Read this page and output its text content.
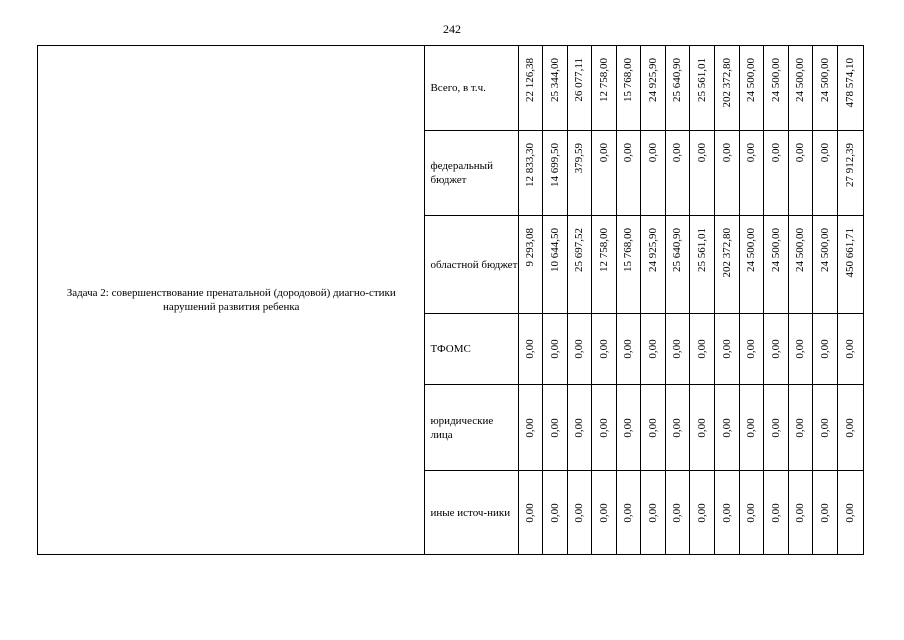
242
Задача 2: совершенствование пренатальной (дородовой) диагно-стики нарушений развития ребенка	Всего, в т.ч.	22 126,38	25 344,00	26 077,11	12 758,00	15 768,00	24 925,90	25 640,90	25 561,01	202 372,80	24 500,00	24 500,00	24 500,00	24 500,00	478 574,10

	федеральный бюджет	12 833,30	14 699,50	379,59	0,00	0,00	0,00	0,00	0,00	0,00	0,00	0,00	0,00	0,00	27 912,39

	областной бюджет	9 293,08	10 644,50	25 697,52	12 758,00	15 768,00	24 925,90	25 640,90	25 561,01	202 372,80	24 500,00	24 500,00	24 500,00	24 500,00	450 661,71

	ТФОМС	0,00	0,00	0,00	0,00	0,00	0,00	0,00	0,00	0,00	0,00	0,00	0,00	0,00	0,00

	юридические лица	0,00	0,00	0,00	0,00	0,00	0,00	0,00	0,00	0,00	0,00	0,00	0,00	0,00	0,00

	иные источ-ники	0,00	0,00	0,00	0,00	0,00	0,00	0,00	0,00	0,00	0,00	0,00	0,00	0,00	0,00
